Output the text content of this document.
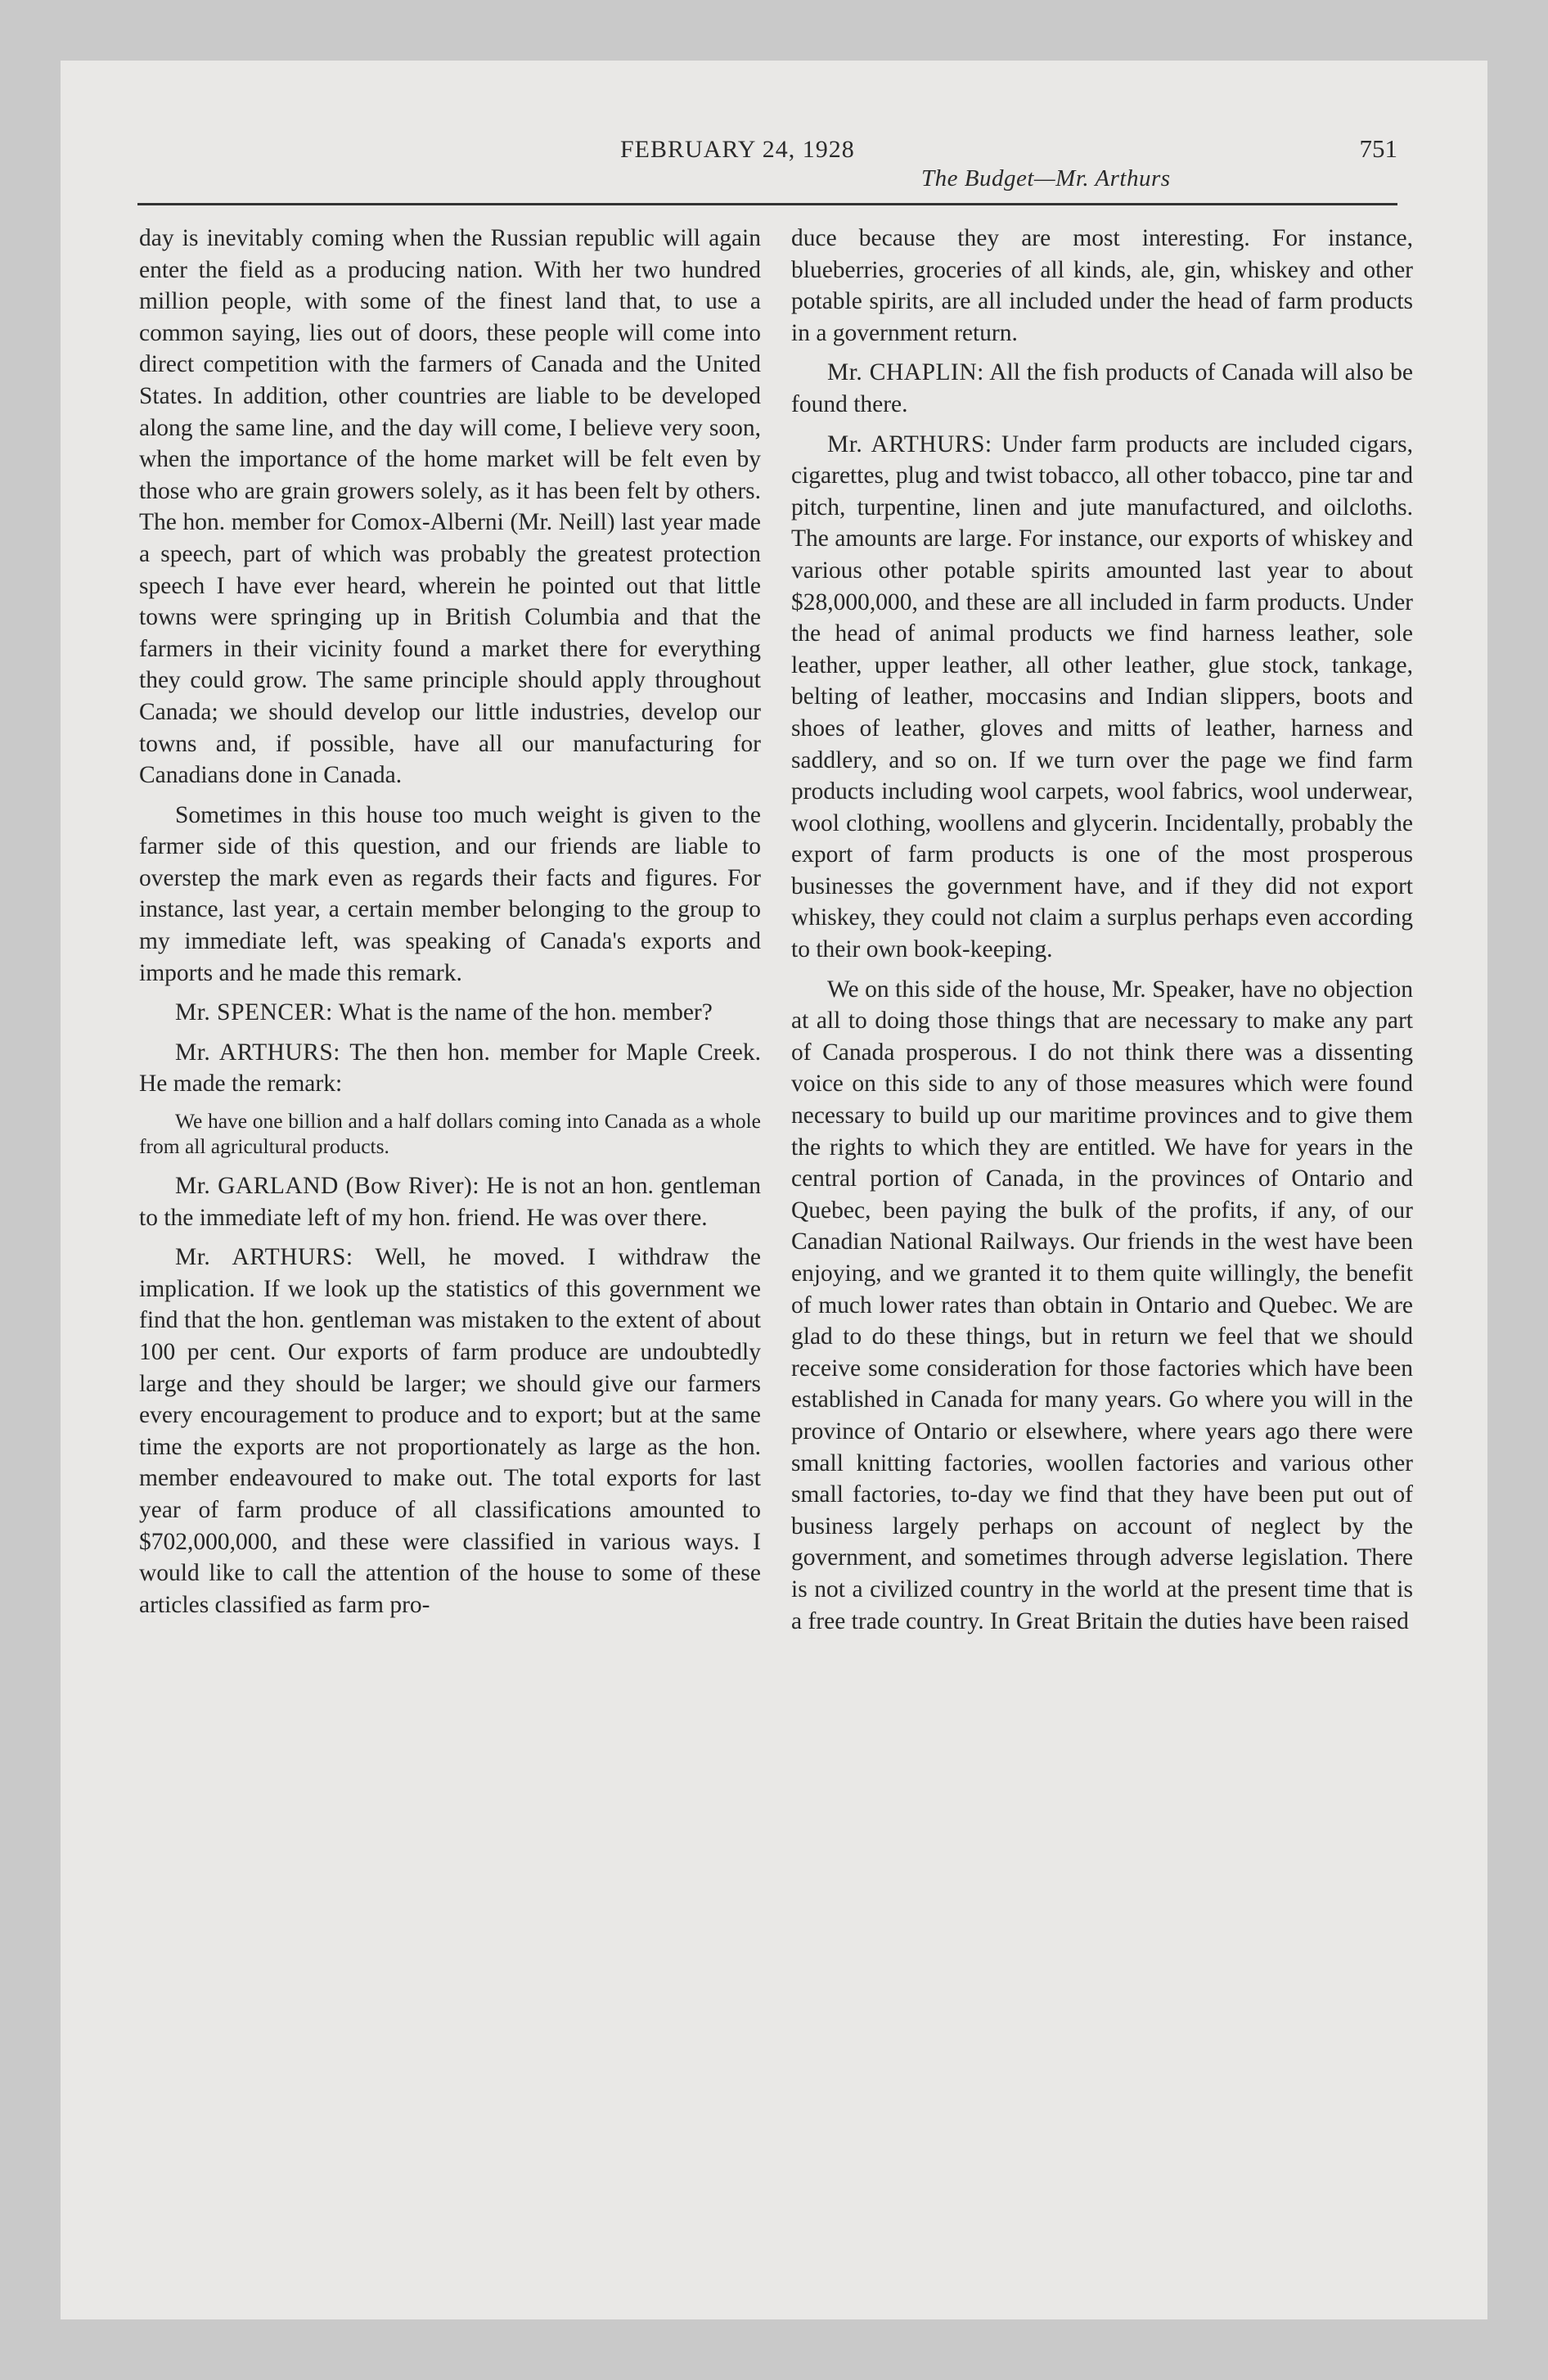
FEBRUARY 24, 1928	751
The Budget—Mr. Arthurs

day is inevitably coming when the Russian republic will again enter the field as a producing nation. With her two hundred million people, with some of the finest land that, to use a common saying, lies out of doors, these people will come into direct competition with the farmers of Canada and the United States. In addition, other countries are liable to be developed along the same line, and the day will come, I believe very soon, when the importance of the home market will be felt even by those who are grain growers solely, as it has been felt by others. The hon. member for Comox-Alberni (Mr. Neill) last year made a speech, part of which was probably the greatest protection speech I have ever heard, wherein he pointed out that little towns were springing up in British Columbia and that the farmers in their vicinity found a market there for everything they could grow. The same principle should apply throughout Canada; we should develop our little industries, develop our towns and, if possible, have all our manufacturing for Canadians done in Canada.

Sometimes in this house too much weight is given to the farmer side of this question, and our friends are liable to overstep the mark even as regards their facts and figures. For instance, last year, a certain member belonging to the group to my immediate left, was speaking of Canada's exports and imports and he made this remark.

Mr. SPENCER: What is the name of the hon. member?

Mr. ARTHURS: The then hon. member for Maple Creek. He made the remark:

We have one billion and a half dollars coming into Canada as a whole from all agricultural products.

Mr. GARLAND (Bow River): He is not an hon. gentleman to the immediate left of my hon. friend. He was over there.

Mr. ARTHURS: Well, he moved. I withdraw the implication. If we look up the statistics of this government we find that the hon. gentleman was mistaken to the extent of about 100 per cent. Our exports of farm produce are undoubtedly large and they should be larger; we should give our farmers every encouragement to produce and to export; but at the same time the exports are not proportionately as large as the hon. member endeavoured to make out. The total exports for last year of farm produce of all classifications amounted to $702,000,000, and these were classified in various ways. I would like to call the attention of the house to some of these articles classified as farm pro-

duce because they are most interesting. For instance, blueberries, groceries of all kinds, ale, gin, whiskey and other potable spirits, are all included under the head of farm products in a government return.

Mr. CHAPLIN: All the fish products of Canada will also be found there.

Mr. ARTHURS: Under farm products are included cigars, cigarettes, plug and twist tobacco, all other tobacco, pine tar and pitch, turpentine, linen and jute manufactured, and oilcloths. The amounts are large. For instance, our exports of whiskey and various other potable spirits amounted last year to about $28,000,000, and these are all included in farm products. Under the head of animal products we find harness leather, sole leather, upper leather, all other leather, glue stock, tankage, belting of leather, moccasins and Indian slippers, boots and shoes of leather, gloves and mitts of leather, harness and saddlery, and so on. If we turn over the page we find farm products including wool carpets, wool fabrics, wool underwear, wool clothing, woollens and glycerin. Incidentally, probably the export of farm products is one of the most prosperous businesses the government have, and if they did not export whiskey, they could not claim a surplus perhaps even according to their own book-keeping.

We on this side of the house, Mr. Speaker, have no objection at all to doing those things that are necessary to make any part of Canada prosperous. I do not think there was a dissenting voice on this side to any of those measures which were found necessary to build up our maritime provinces and to give them the rights to which they are entitled. We have for years in the central portion of Canada, in the provinces of Ontario and Quebec, been paying the bulk of the profits, if any, of our Canadian National Railways. Our friends in the west have been enjoying, and we granted it to them quite willingly, the benefit of much lower rates than obtain in Ontario and Quebec. We are glad to do these things, but in return we feel that we should receive some consideration for those factories which have been established in Canada for many years. Go where you will in the province of Ontario or elsewhere, where years ago there were small knitting factories, woollen factories and various other small factories, to-day we find that they have been put out of business largely perhaps on account of neglect by the government, and sometimes through adverse legislation. There is not a civilized country in the world at the present time that is a free trade country. In Great Britain the duties have been raised
